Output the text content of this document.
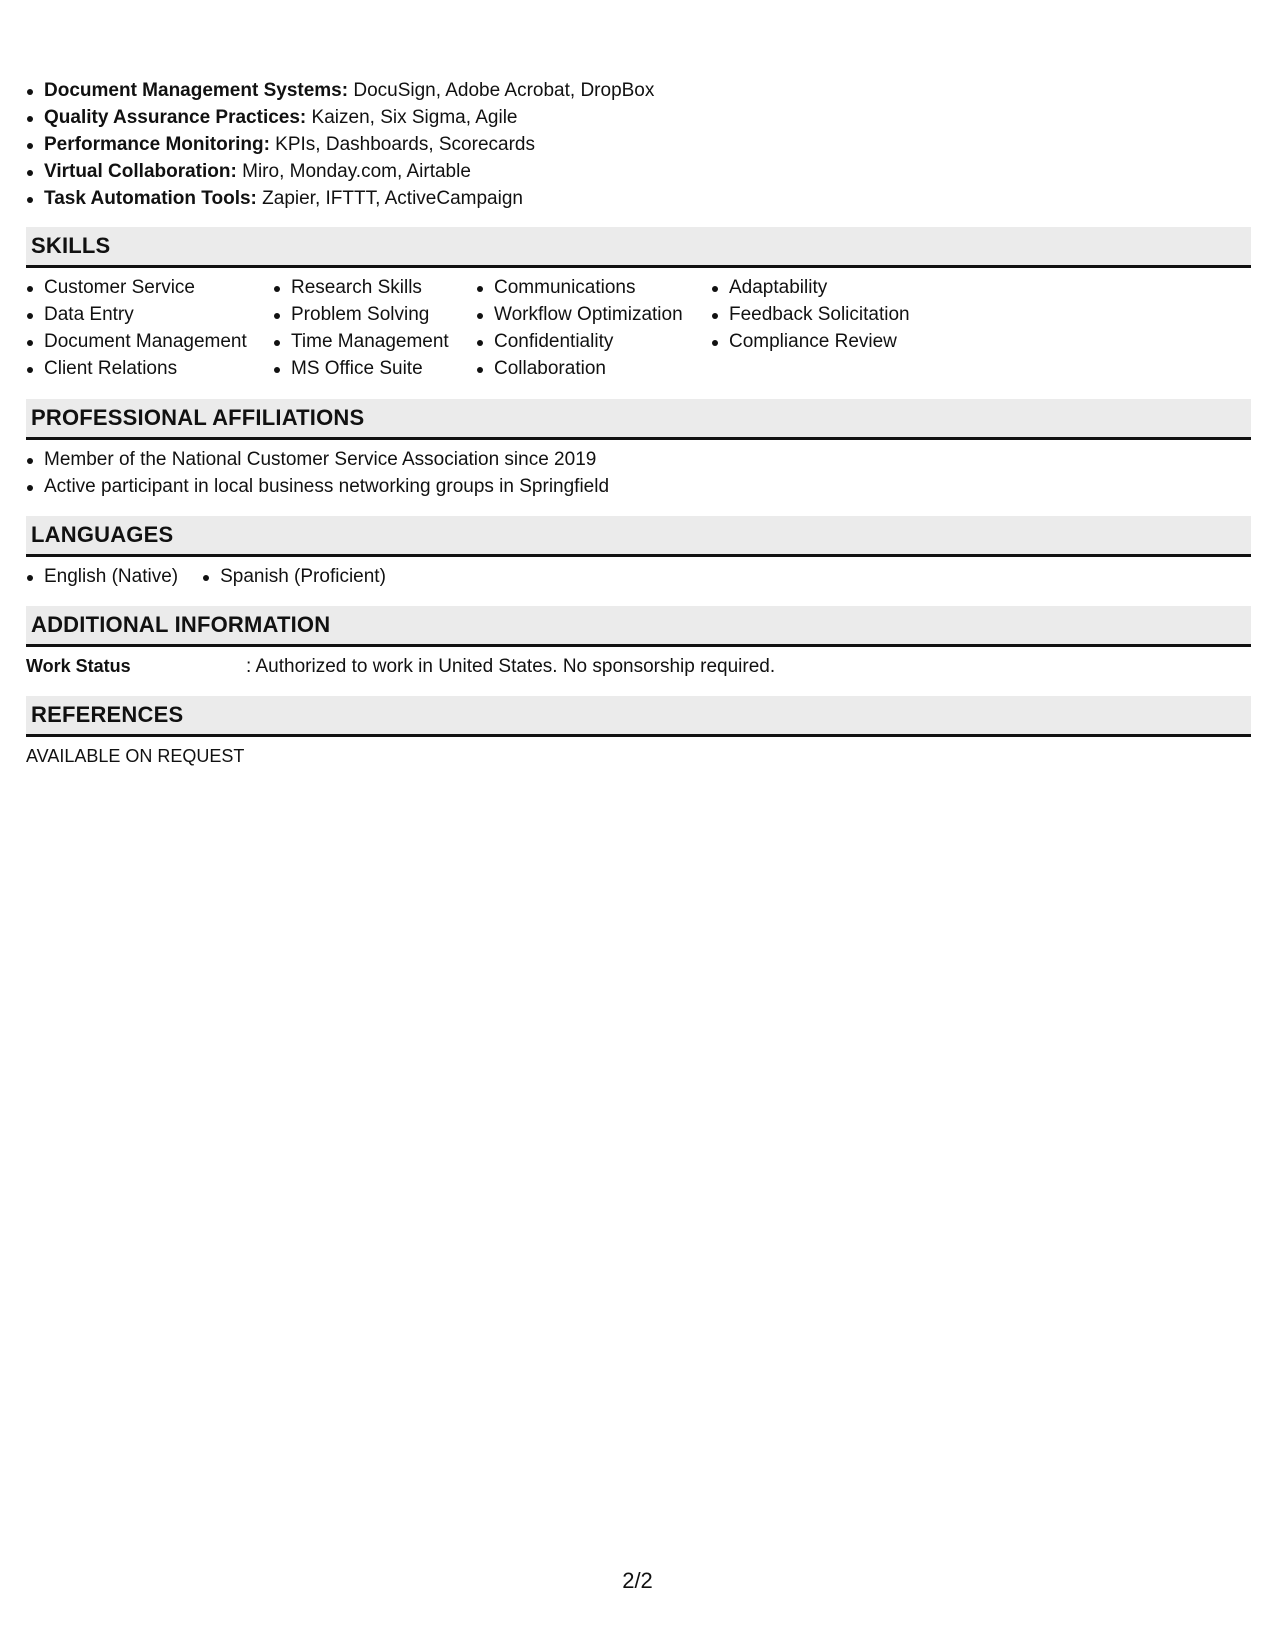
Document Management Systems: DocuSign, Adobe Acrobat, DropBox
Quality Assurance Practices: Kaizen, Six Sigma, Agile
Performance Monitoring: KPIs, Dashboards, Scorecards
Virtual Collaboration: Miro, Monday.com, Airtable
Task Automation Tools: Zapier, IFTTT, ActiveCampaign
SKILLS
Customer Service
Data Entry
Document Management
Client Relations
Research Skills
Problem Solving
Time Management
MS Office Suite
Communications
Workflow Optimization
Confidentiality
Collaboration
Adaptability
Feedback Solicitation
Compliance Review
PROFESSIONAL AFFILIATIONS
Member of the National Customer Service Association since 2019
Active participant in local business networking groups in Springfield
LANGUAGES
English (Native)	Spanish (Proficient)
ADDITIONAL INFORMATION
Work Status	: Authorized to work in United States. No sponsorship required.
REFERENCES
AVAILABLE ON REQUEST
2/2
